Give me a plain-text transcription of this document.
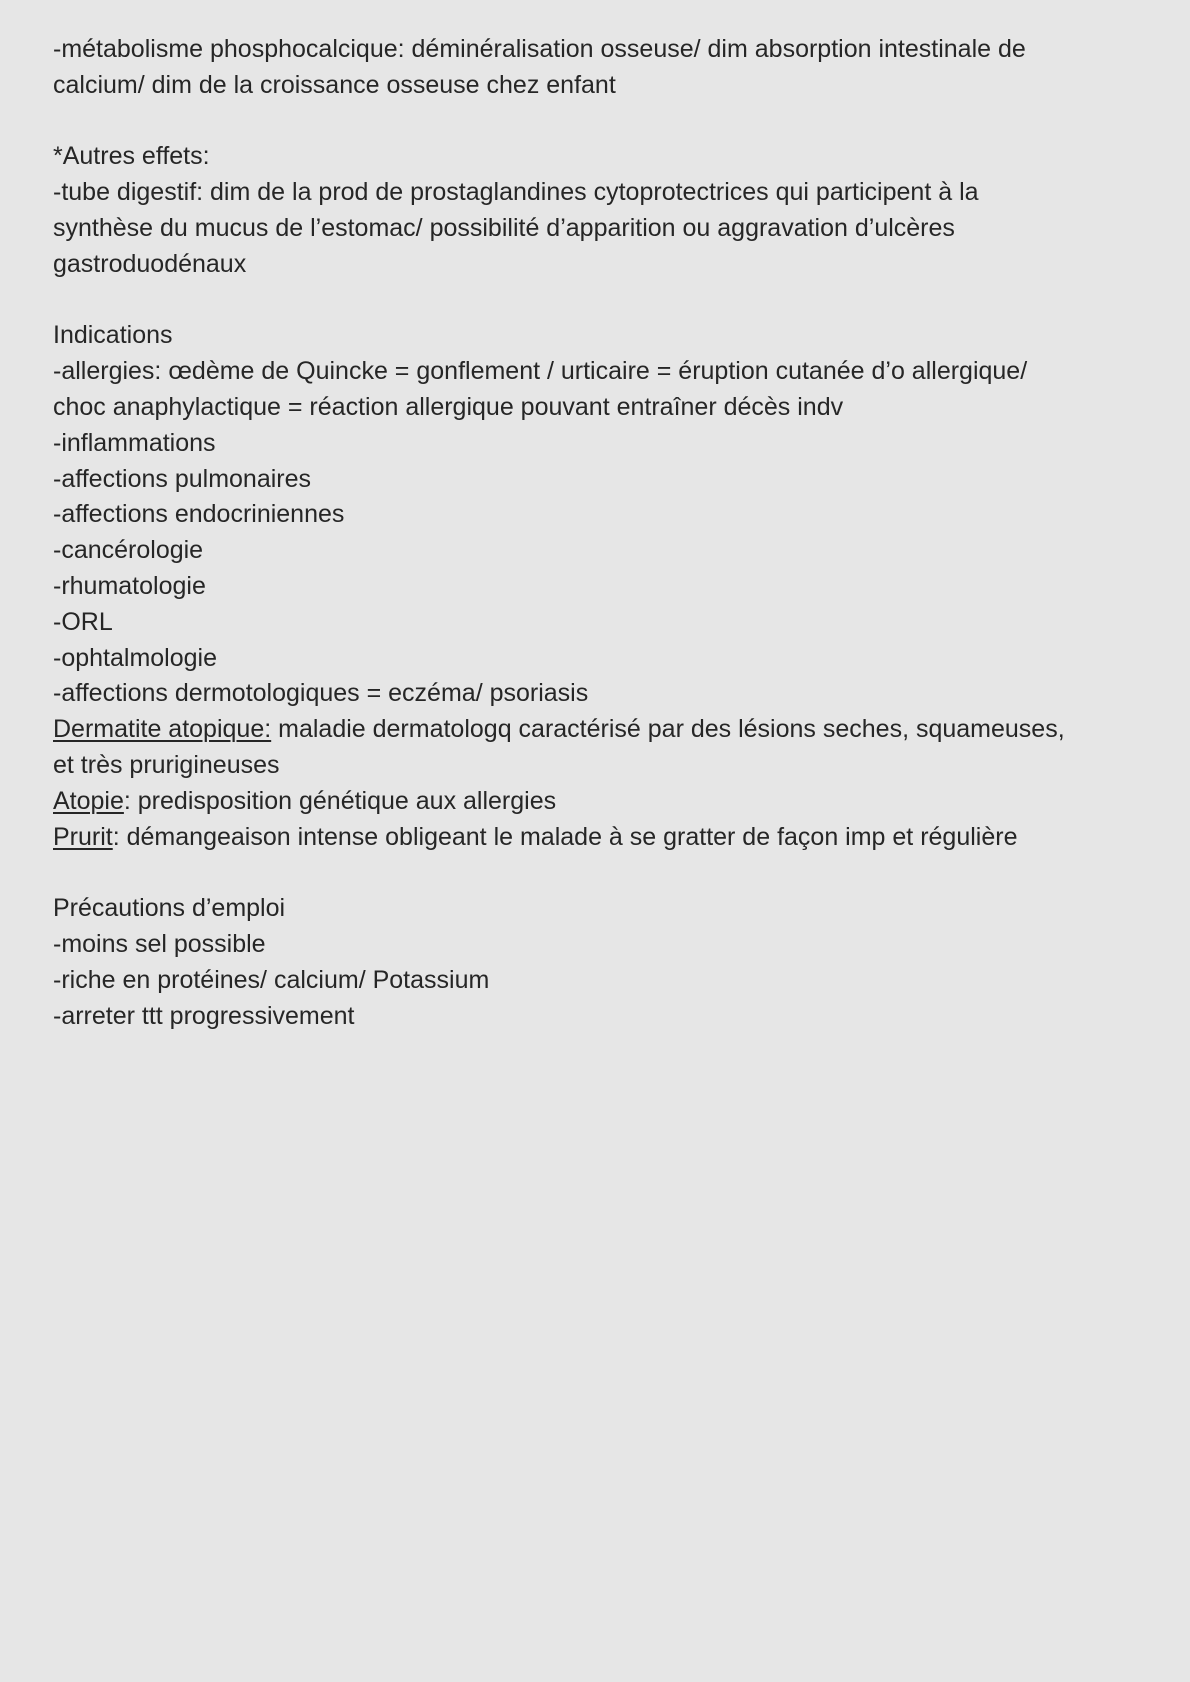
-métabolisme phosphocalcique: déminéralisation osseuse/ dim absorption intestinale de

calcium/ dim de la croissance osseuse chez enfant

*Autres effets:

-tube digestif: dim de la prod de prostaglandines cytoprotectrices qui participent à la

synthèse du mucus de l’estomac/ possibilité d’apparition ou aggravation d’ulcères

gastroduodénaux

Indications

-allergies: œdème de Quincke = gonflement / urticaire = éruption cutanée d’o allergique/

choc anaphylactique = réaction allergique pouvant entraîner décès indv

-inflammations

-affections pulmonaires

-affections endocriniennes

-cancérologie

-rhumatologie

-ORL

-ophtalmologie

-affections dermotologiques = eczéma/ psoriasis

Dermatite atopique: maladie dermatologq caractérisé par des lésions seches, squameuses,

et très prurigineuses

Atopie: predisposition génétique aux allergies

Prurit: démangeaison intense obligeant le malade à se gratter de façon imp et régulière

Précautions d’emploi

-moins sel possible

-riche en protéines/ calcium/ Potassium

-arreter ttt progressivement
